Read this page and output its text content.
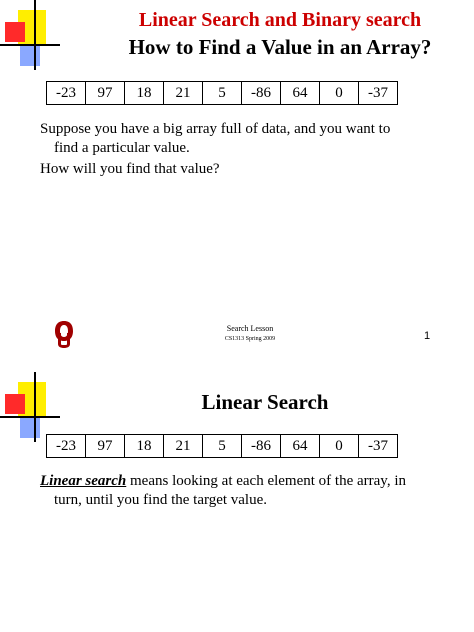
Linear Search and Binary search
How to Find a Value in an Array?
-23	97	18	21	5	-86	64	0	-37
Suppose you have a big array full of data, and you want to
find a particular value.
How will you find that value?
Search Lesson
CS1313 Spring 2009	1
Linear Search
-23	97	18	21	5	-86	64	0	-37
Linear search means looking at each element of the array, in
turn, until you find the target value.
